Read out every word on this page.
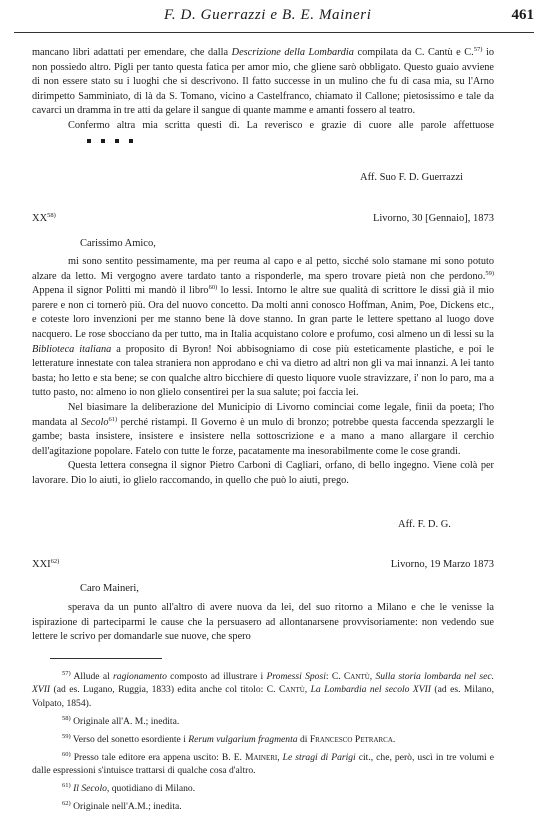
F. D. Guerrazzi e B. E. Maineri	461

mancano libri adattati per emendare, che dalla Descrizione della Lombardia compilata da C. Cantù e C.$^{57)}$ io non possiedo altro. Pigli per tanto questa fatica per amor mio, che gliene sarò obbligato. Questo guaio avviene di non essere stato su i luoghi che si descrivono. Il fatto successe in un mulino che fu di casa mia, su l'Arno dirimpetto Samminiato, di là da S. Tomano, vicino a Castelfranco, chiamato il Callone; pietosissimo e tale da cavarci un dramma in tre atti da gelare il sangue di quante mamme e amanti fossero al teatro.

Confermo altra mia scritta questi dì. La reverisco e grazie di cuore alle parole affettuose

Aff. Suo F. D. Guerrazzi
XX$^{58)}$	Livorno, 30 [Gennaio], 1873
Carissimo Amico,

mi sono sentito pessimamente, ma per reuma al capo e al petto, sicché solo stamane mi sono potuto alzare da letto. Mi vergogno avere tardato tanto a risponderle, ma spero trovare pietà non che perdono.$^{59)}$ Appena il signor Politti mi mandò il libro$^{60)}$ lo lessi. Intorno le altre sue qualità di scrittore le dissi già il mio parere e non ci tornerò più. Ora del nuovo concetto. Da molti anni conosco Hoffman, Anim, Poe, Dickens etc., e coteste loro invenzioni per me stanno bene là dove stanno. In gran parte le lettere spettano al luogo dove nacquero. Le rose sbocciano da per tutto, ma in Italia acquistano colore e profumo, così almeno un dì lessi su la Biblioteca italiana a proposito di Byron! Noi abbisogniamo di cose più esteticamente plastiche, e poi le letterature innestate con talea straniera non approdano e chi va dietro ad altri non gli va mai innanzi. A lei tanto basta; ho letto e sta bene; se con qualche altro bicchiere di questo liquore vuole stravizzare, i' non lo paro, ma a tutto pasto, no: almeno io non glielo consentirei per la sua salute; poi faccia lei.

Nel biasimare la deliberazione del Municipio di Livorno cominciai come legale, finii da poeta; l'ho mandata al Secolo$^{61)}$ perché ristampi. Il Governo è un mulo di bronzo; potrebbe questa faccenda spezzargli le gambe; basta insistere, insistere e insistere nella sottoscrizione e a mano a mano allargare il cerchio dell'agitazione popolare. Fatelo con tutte le forze, pacatamente ma inesorabilmente come le cose grandi.

Questa lettera consegna il signor Pietro Carboni di Cagliari, orfano, di bello ingegno. Viene colà per lavorare. Dio lo aiuti, io glielo raccomando, in quello che può lo aiuti, prego.

Aff. F. D. G.
XXI$^{62)}$	Livorno, 19 Marzo 1873
Caro Maineri,

sperava da un punto all'altro di avere nuova da lei, del suo ritorno a Milano e che le venisse la ispirazione di parteciparmi le cause che la persuasero ad allontanarsene provvisoriamente: non vedendo sue lettere le scrivo per domandarle sue nuove, che spero

$^{57)}$ Allude al ragionamento composto ad illustrare i Promessi Sposi: C. Cantù, Sulla storia lombarda nel sec. XVII (ad es. Lugano, Ruggia, 1833) edita anche col titolo: C. Cantù, La Lombardia nel secolo XVII (ad es. Milano, Volpato, 1854).

$^{58)}$ Originale all'A. M.; inedita.

$^{59)}$ Verso del sonetto esordiente i Rerum vulgarium fragmenta di Francesco Petrarca.

$^{60)}$ Presso tale editore era appena uscito: B. E. Maineri, Le stragi di Parigi cit., che, però, uscì in tre volumi e dalle espressioni s'intuisce trattarsi di qualche cosa d'altro.

$^{61)}$ Il Secolo, quotidiano di Milano.

$^{62)}$ Originale nell'A.M.; inedita.
